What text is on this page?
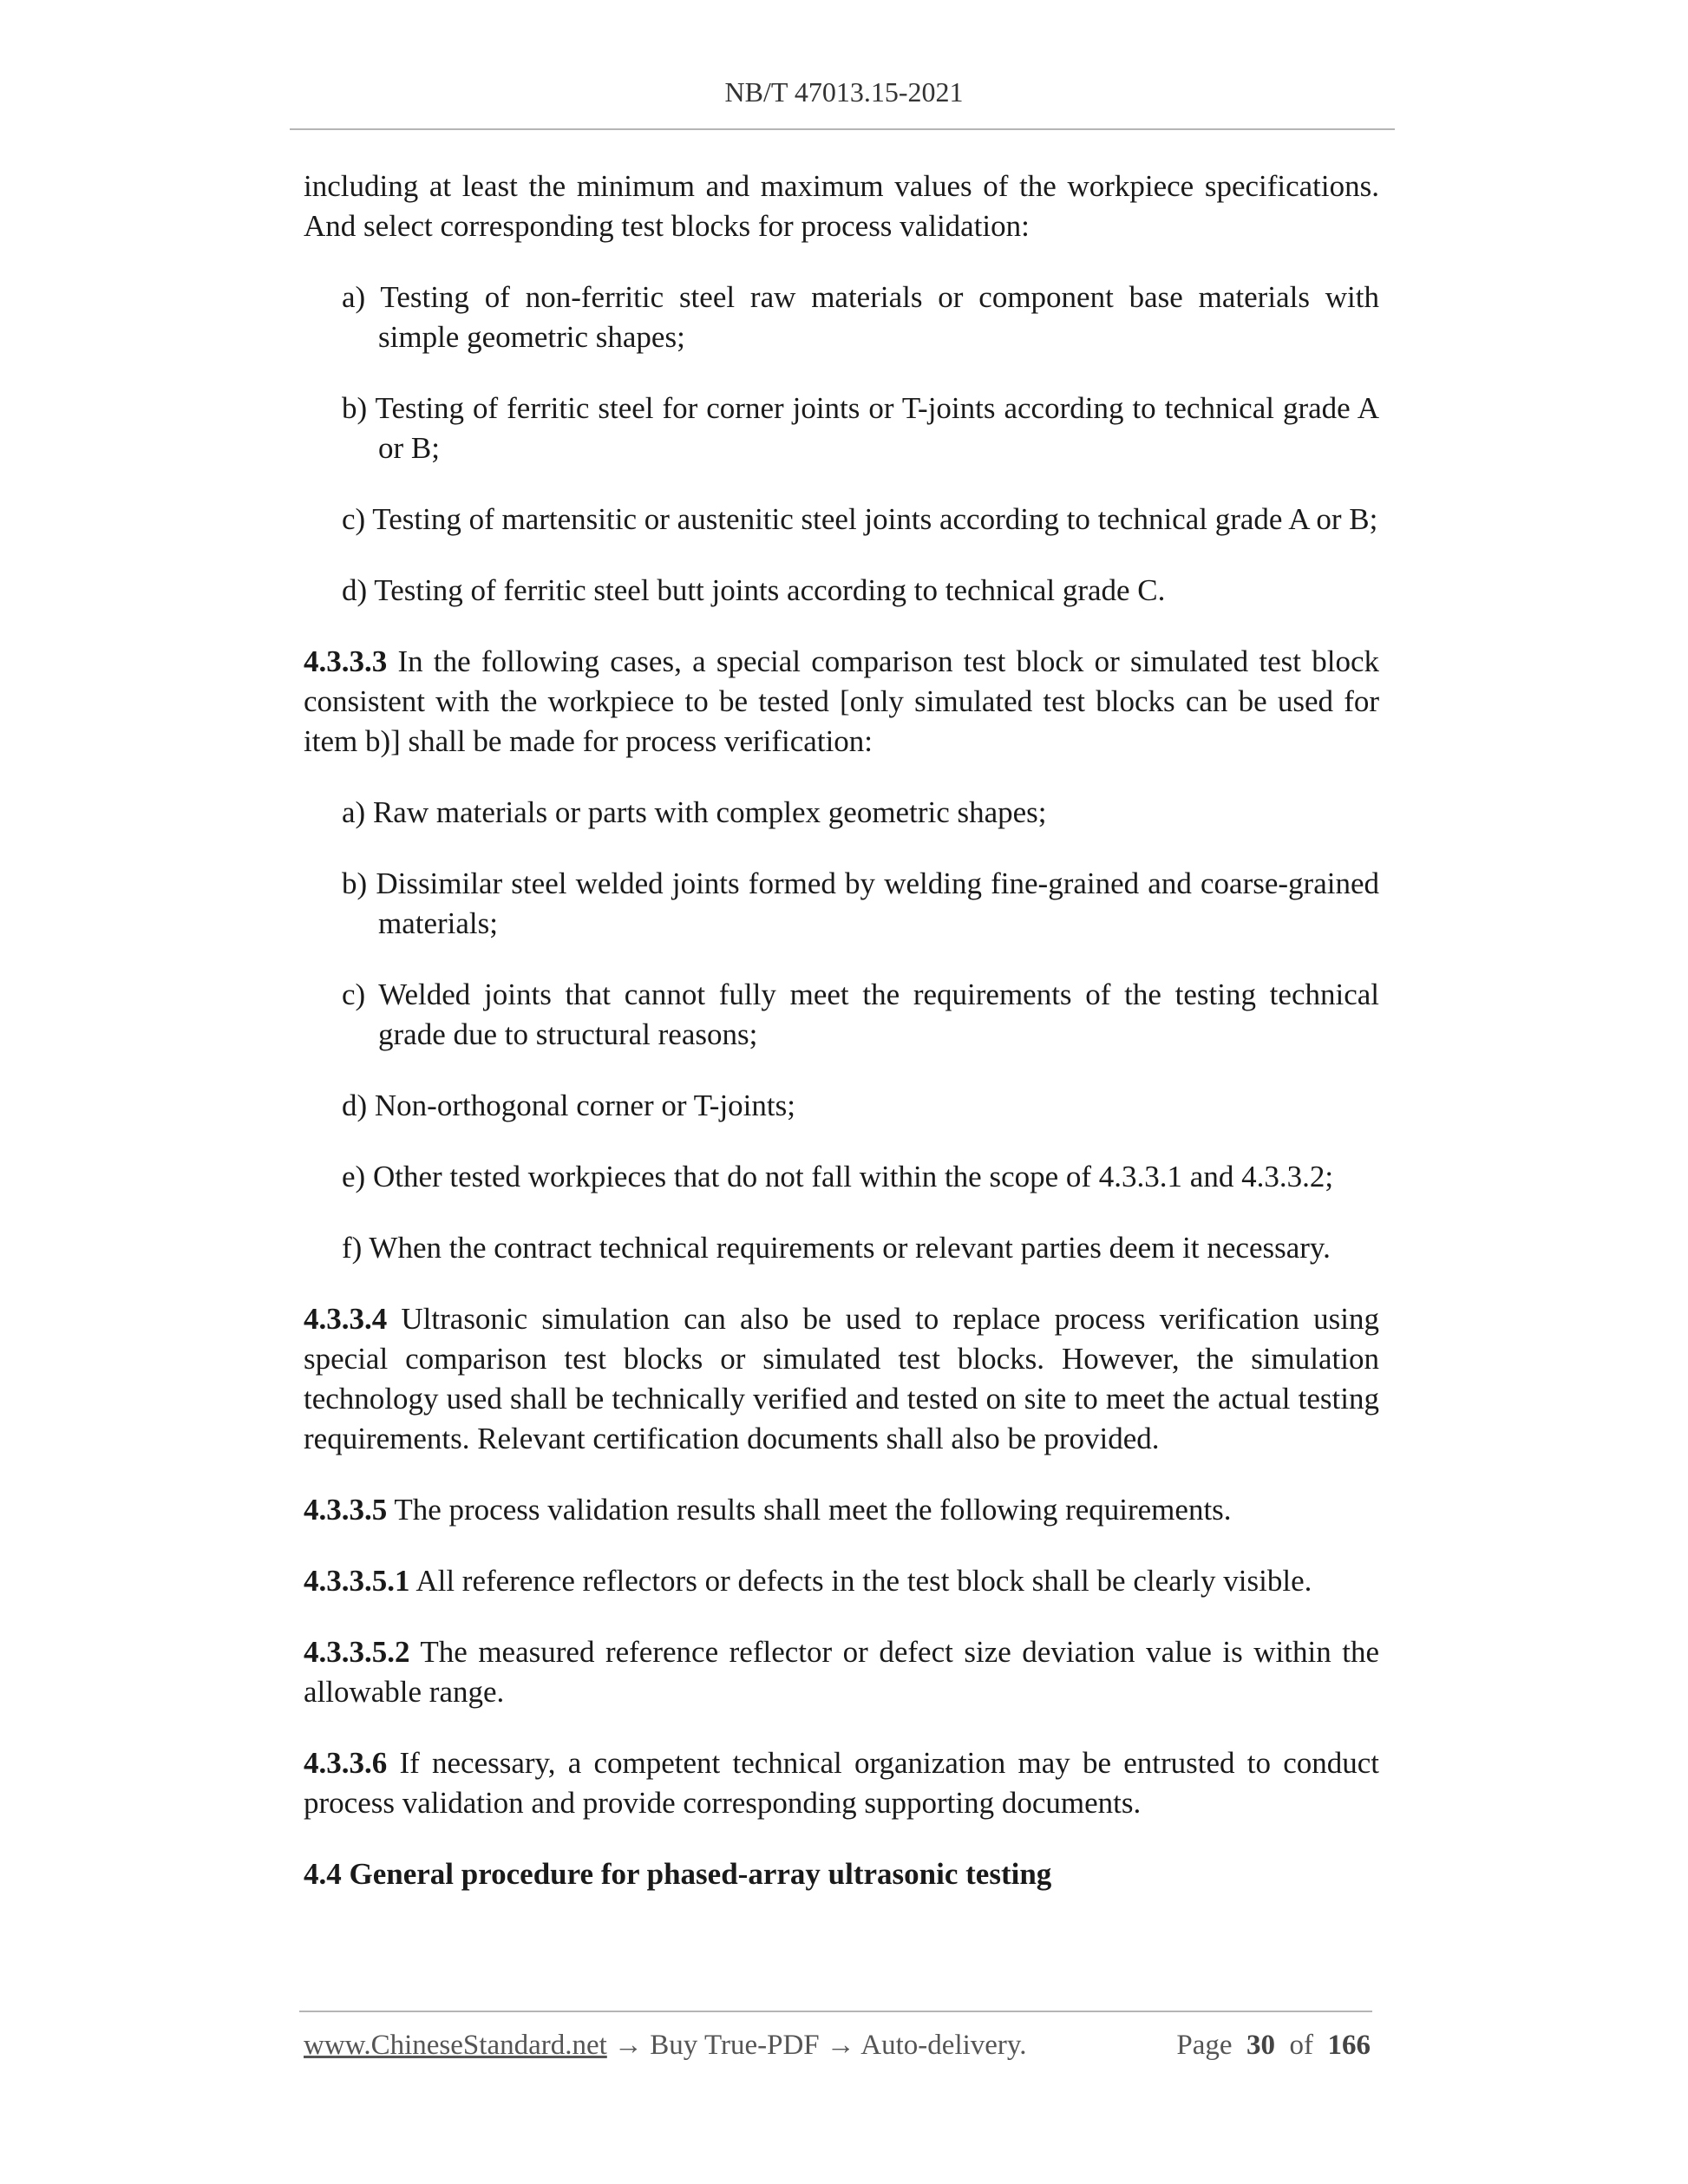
NB/T 47013.15-2021

including at least the minimum and maximum values of the workpiece specifications. And select corresponding test blocks for process validation:

a) Testing of non-ferritic steel raw materials or component base materials with simple geometric shapes;

b) Testing of ferritic steel for corner joints or T-joints according to technical grade A or B;

c) Testing of martensitic or austenitic steel joints according to technical grade A or B;

d) Testing of ferritic steel butt joints according to technical grade C.

4.3.3.3 In the following cases, a special comparison test block or simulated test block consistent with the workpiece to be tested [only simulated test blocks can be used for item b)] shall be made for process verification:

a) Raw materials or parts with complex geometric shapes;

b) Dissimilar steel welded joints formed by welding fine-grained and coarse-grained materials;

c) Welded joints that cannot fully meet the requirements of the testing technical grade due to structural reasons;

d) Non-orthogonal corner or T-joints;

e) Other tested workpieces that do not fall within the scope of 4.3.3.1 and 4.3.3.2;

f) When the contract technical requirements or relevant parties deem it necessary.

4.3.3.4 Ultrasonic simulation can also be used to replace process verification using special comparison test blocks or simulated test blocks. However, the simulation technology used shall be technically verified and tested on site to meet the actual testing requirements. Relevant certification documents shall also be provided.

4.3.3.5 The process validation results shall meet the following requirements.

4.3.3.5.1 All reference reflectors or defects in the test block shall be clearly visible.

4.3.3.5.2 The measured reference reflector or defect size deviation value is within the allowable range.

4.3.3.6 If necessary, a competent technical organization may be entrusted to conduct process validation and provide corresponding supporting documents.

4.4 General procedure for phased-array ultrasonic testing

www.ChineseStandard.net → Buy True-PDF → Auto-delivery.	Page 30 of 166
